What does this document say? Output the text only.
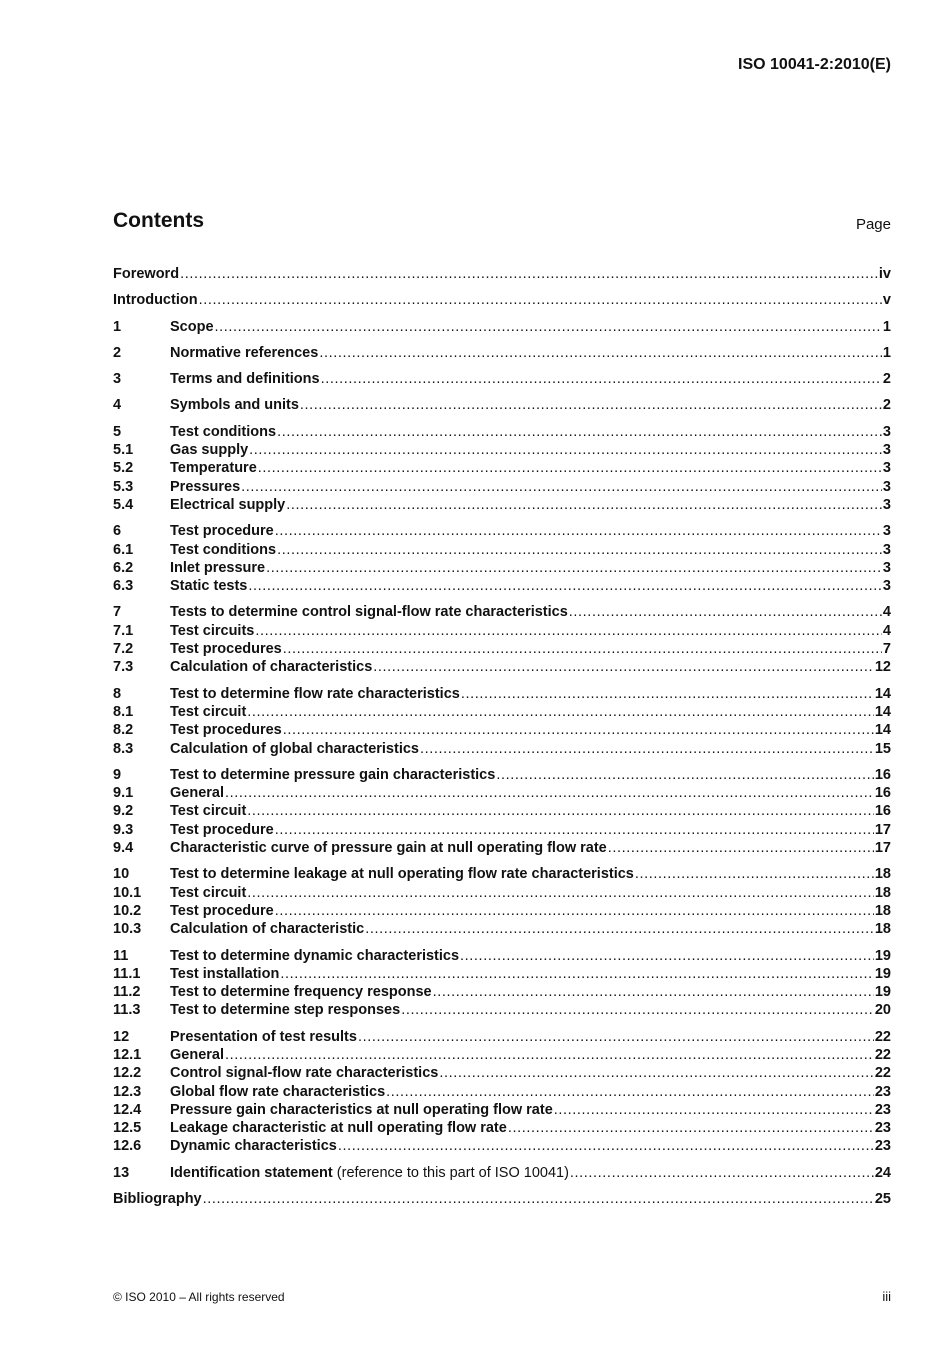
ISO 10041-2:2010(E)
Contents	Page
Foreword .....	iv
Introduction .....	v
1	Scope .....	1
2	Normative references .....	1
3	Terms and definitions .....	2
4	Symbols and units .....	2
5	Test conditions .....	3
5.1	Gas supply .....	3
5.2	Temperature .....	3
5.3	Pressures .....	3
5.4	Electrical supply .....	3
6	Test procedure .....	3
6.1	Test conditions .....	3
6.2	Inlet pressure .....	3
6.3	Static tests .....	3
7	Tests to determine control signal-flow rate characteristics .....	4
7.1	Test circuits .....	4
7.2	Test procedures .....	7
7.3	Calculation of characteristics .....	12
8	Test to determine flow rate characteristics .....	14
8.1	Test circuit .....	14
8.2	Test procedures .....	14
8.3	Calculation of global characteristics .....	15
9	Test to determine pressure gain characteristics .....	16
9.1	General .....	16
9.2	Test circuit .....	16
9.3	Test procedure .....	17
9.4	Characteristic curve of pressure gain at null operating flow rate .....	17
10	Test to determine leakage at null operating flow rate characteristics .....	18
10.1	Test circuit .....	18
10.2	Test procedure .....	18
10.3	Calculation of characteristic .....	18
11	Test to determine dynamic characteristics .....	19
11.1	Test installation .....	19
11.2	Test to determine frequency response .....	19
11.3	Test to determine step responses .....	20
12	Presentation of test results .....	22
12.1	General .....	22
12.2	Control signal-flow rate characteristics .....	22
12.3	Global flow rate characteristics .....	23
12.4	Pressure gain characteristics at null operating flow rate .....	23
12.5	Leakage characteristic at null operating flow rate .....	23
12.6	Dynamic characteristics .....	23
13	Identification statement (reference to this part of ISO 10041) .....	24
Bibliography .....	25
© ISO 2010 – All rights reserved	iii
